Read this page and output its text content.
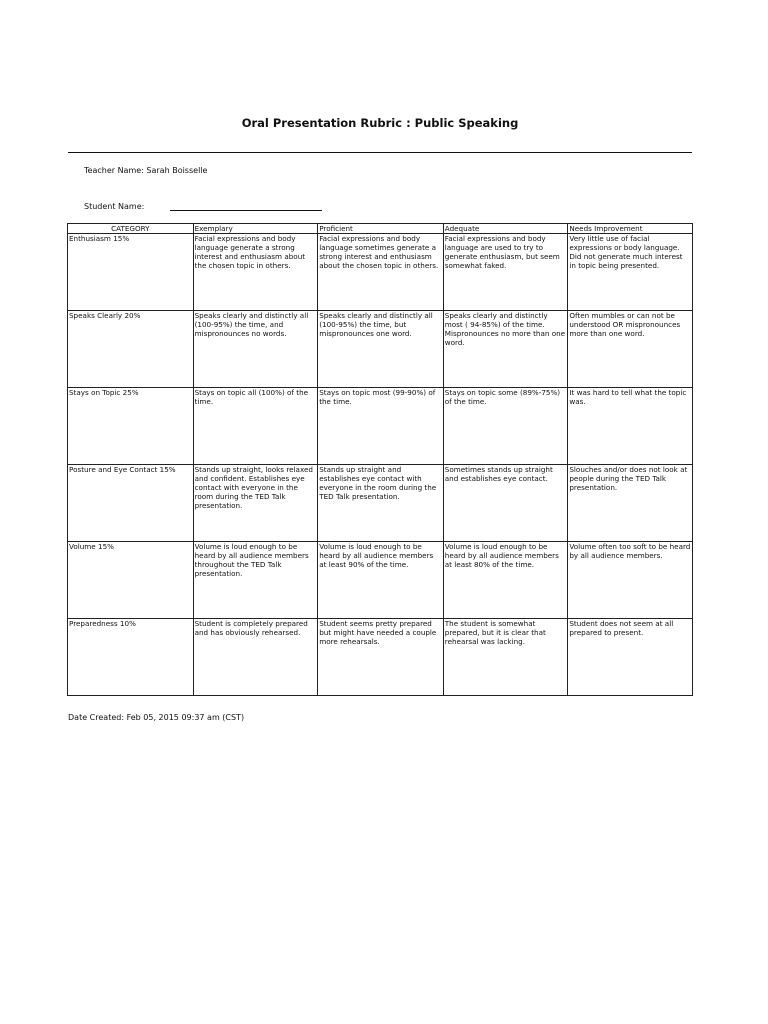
Oral Presentation Rubric : Public Speaking
Teacher Name: Sarah Boisselle
Student Name:
CATEGORY	Exemplary	Proficient	Adequate	Needs Improvement
Enthusiasm 15%	Facial expressions and body language generate a strong interest and enthusiasm about the chosen topic in others.	Facial expressions and body language sometimes generate a strong interest and enthusiasm about the chosen topic in others.	Facial expressions and body language are used to try to generate enthusiasm, but seem somewhat faked.	Very little use of facial expressions or body language. Did not generate much interest in topic being presented.
Speaks Clearly 20%	Speaks clearly and distinctly all (100-95%) the time, and mispronounces no words.	Speaks clearly and distinctly all (100-95%) the time, but mispronounces one word.	Speaks clearly and distinctly most ( 94-85%) of the time. Mispronounces no more than one word.	Often mumbles or can not be understood OR mispronounces more than one word.
Stays on Topic 25%	Stays on topic all (100%) of the time.	Stays on topic most (99-90%) of the time.	Stays on topic some (89%-75%) of the time.	It was hard to tell what the topic was.
Posture and Eye Contact 15%	Stands up straight, looks relaxed and confident. Establishes eye contact with everyone in the room during the TED Talk presentation.	Stands up straight and establishes eye contact with everyone in the room during the TED Talk presentation.	Sometimes stands up straight and establishes eye contact.	Slouches and/or does not look at people during the TED Talk presentation.
Volume 15%	Volume is loud enough to be heard by all audience members throughout the TED Talk presentation.	Volume is loud enough to be heard by all audience members at least 90% of the time.	Volume is loud enough to be heard by all audience members at least 80% of the time.	Volume often too soft to be heard by all audience members.
Preparedness 10%	Student is completely prepared and has obviously rehearsed.	Student seems pretty prepared but might have needed a couple more rehearsals.	The student is somewhat prepared, but it is clear that rehearsal was lacking.	Student does not seem at all prepared to present.
Date Created: Feb 05, 2015 09:37 am (CST)
